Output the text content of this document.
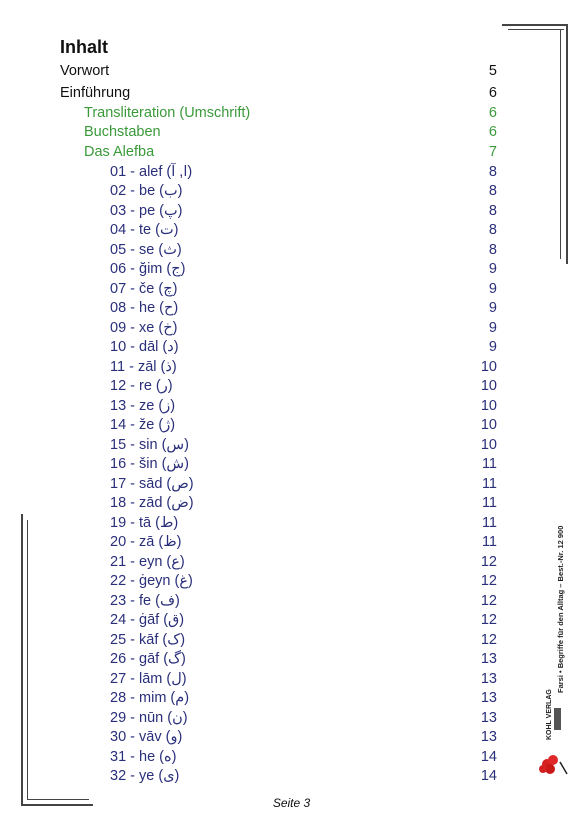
Inhalt
Vorwort	5
Einführung	6
Transliteration (Umschrift)	6
Buchstaben	6
Das Alefba	7
01 - alef (ا, آ)	8
02 - be (ب)	8
03 - pe (پ)	8
04 - te (ت)	8
05 - se (ث)	8
06 - ğim (ج)	9
07 - če (چ)	9
08 - he (ح)	9
09 - xe (خ)	9
10 - dāl (د)	9
11 - zāl (ذ)	10
12 - re (ر)	10
13 - ze (ز)	10
14 - že (ژ)	10
15 - sin (س)	10
16 - šin (ش)	11
17 - sād (ص)	11
18 - zād (ض)	11
19 - tā (ط)	11
20 - zā (ظ)	11
21 - eyn (ع)	12
22 - ġeyn (غ)	12
23 - fe (ف)	12
24 - ġāf (ق)	12
25 - kāf (ک)	12
26 - gāf (گ)	13
27 - lām (ل)	13
28 - mim (م)	13
29 - nūn (ن)	13
30 - vāv (و)	13
31 - he (ه)	14
32 - ye (ی)	14
Farsi • Begriffe für den Alltag – Best.-Nr. 12 900
KOHL VERLAG
Seite 3
